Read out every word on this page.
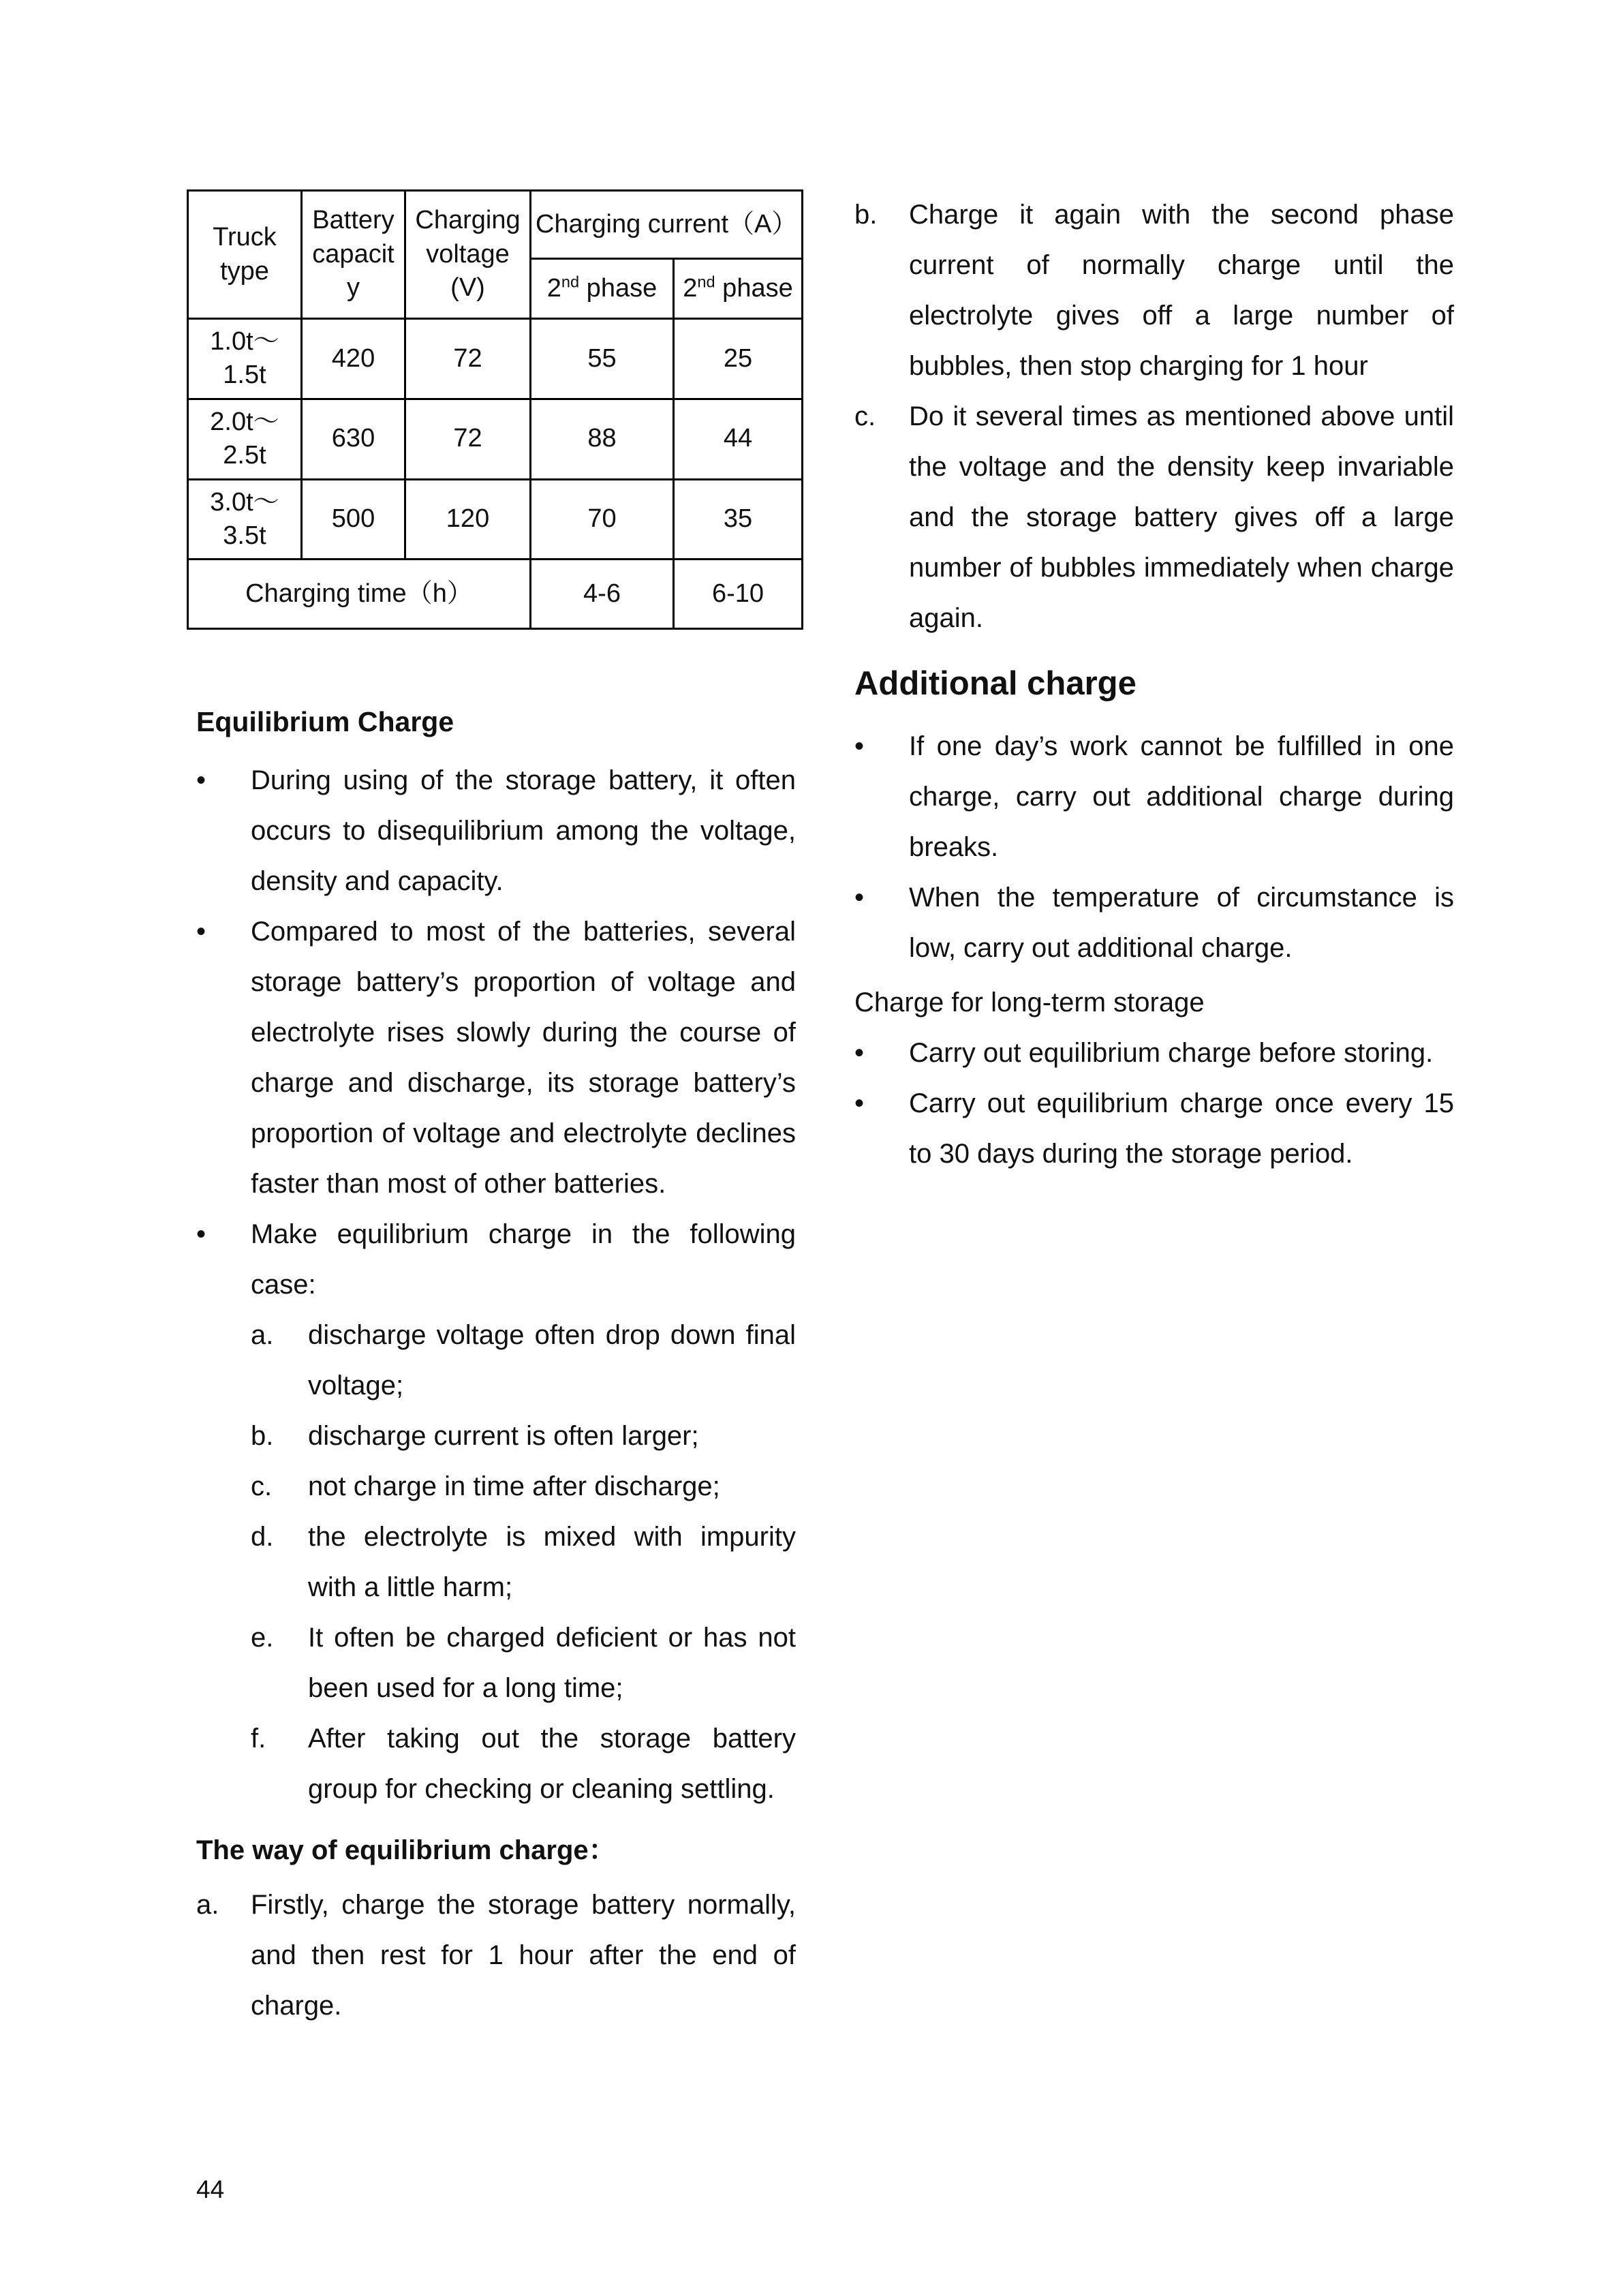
Truck type	Battery capacity	Charging voltage (V)	Charging current（A）	
			2nd phase	2nd phase
1.0t～1.5t	420	72	55	25
2.0t～2.5t	630	72	88	44
3.0t～3.5t	500	120	70	35
Charging time（h）			4-6	6-10
Equilibrium Charge
•	During using of the storage battery, it often occurs to disequilibrium among the voltage, density and capacity.
•	Compared to most of the batteries, several storage battery’s proportion of voltage and electrolyte rises slowly during the course of charge and discharge, its storage battery’s proportion of voltage and electrolyte declines faster than most of other batteries.
•	Make equilibrium charge in the following case:
a.	discharge voltage often drop down final voltage;
b.	discharge current is often larger;
c.	not charge in time after discharge;
d.	the electrolyte is mixed with impurity with a little harm;
e.	It often be charged deficient or has not been used for a long time;
f.	After taking out the storage battery group for checking or cleaning settling.
The way of equilibrium charge：
a.	Firstly, charge the storage battery normally, and then rest for 1 hour after the end of charge.
b.	Charge it again with the second phase current of normally charge until the electrolyte gives off a large number of bubbles, then stop charging for 1 hour
c.	Do it several times as mentioned above until the voltage and the density keep invariable and the storage battery gives off a large number of bubbles immediately when charge again.
Additional charge
•	If one day’s work cannot be fulfilled in one charge, carry out additional charge during breaks.
•	When the temperature of circumstance is low, carry out additional charge.
Charge for long-term storage
•	Carry out equilibrium charge before storing.
•	Carry out equilibrium charge once every 15 to 30 days during the storage period.
44
